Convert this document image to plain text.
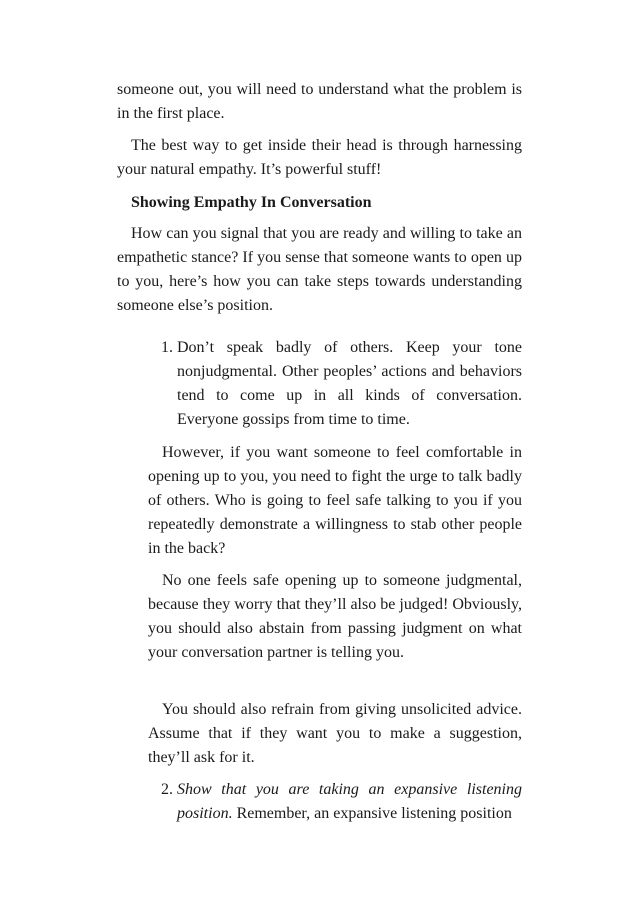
someone out, you will need to understand what the problem is in the first place.

The best way to get inside their head is through harnessing your natural empathy. It’s powerful stuff!

Showing Empathy In Conversation

How can you signal that you are ready and willing to take an empathetic stance? If you sense that someone wants to open up to you, here’s how you can take steps towards understanding someone else’s position.

1. Don’t speak badly of others. Keep your tone nonjudgmental. Other peoples’ actions and behaviors tend to come up in all kinds of conversation. Everyone gossips from time to time.

However, if you want someone to feel comfortable in opening up to you, you need to fight the urge to talk badly of others. Who is going to feel safe talking to you if you repeatedly demonstrate a willingness to stab other people in the back?

No one feels safe opening up to someone judgmental, because they worry that they’ll also be judged! Obviously, you should also abstain from passing judgment on what your conversation partner is telling you.

You should also refrain from giving unsolicited advice. Assume that if they want you to make a suggestion, they’ll ask for it.

2. Show that you are taking an expansive listening position. Remember, an expansive listening position
